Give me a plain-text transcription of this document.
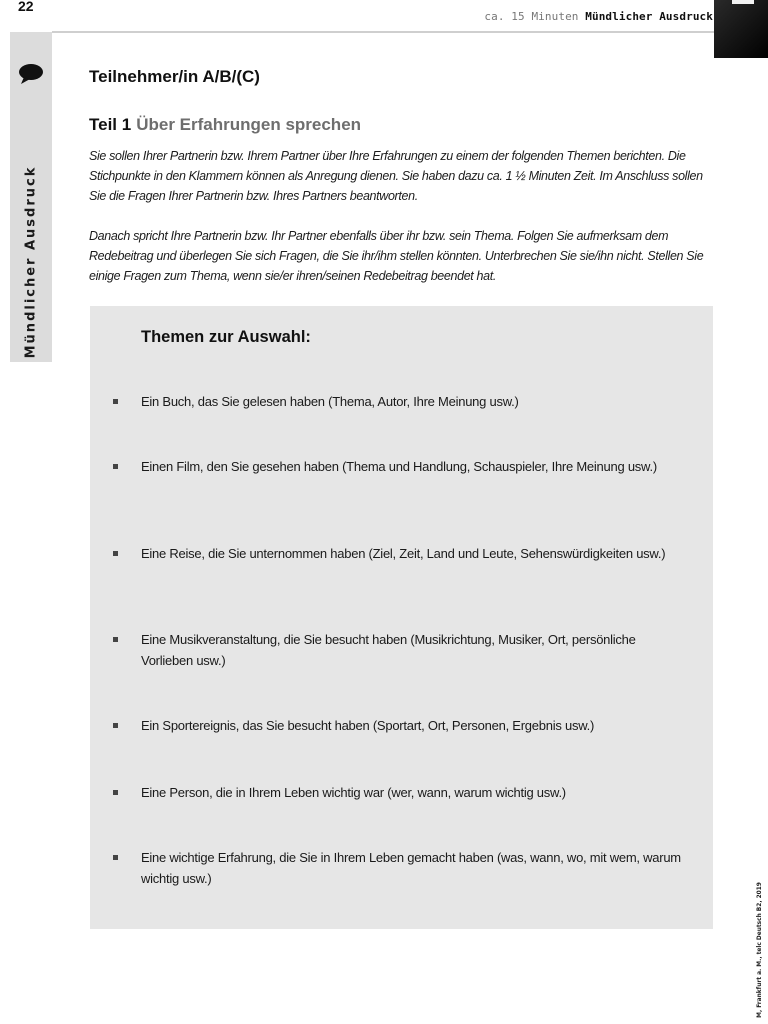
22
ca. 15 Minuten Mündlicher Ausdruck
Mündlicher Ausdruck
Teilnehmer/in A/B/(C)
Teil 1 Über Erfahrungen sprechen

Sie sollen Ihrer Partnerin bzw. Ihrem Partner über Ihre Erfahrungen zu einem der folgenden Themen berichten. Die Stichpunkte in den Klammern können als Anregung dienen. Sie haben dazu ca. 1 ½ Minuten Zeit. Im Anschluss sollen Sie die Fragen Ihrer Partnerin bzw. Ihres Partners beantworten.

Danach spricht Ihre Partnerin bzw. Ihr Partner ebenfalls über ihr bzw. sein Thema. Folgen Sie aufmerksam dem Redebeitrag und überlegen Sie sich Fragen, die Sie ihr/ihm stellen könnten. Unterbrechen Sie sie/ihn nicht. Stellen Sie einige Fragen zum Thema, wenn sie/er ihren/seinen Redebeitrag beendet hat.

Themen zur Auswahl:
Ein Buch, das Sie gelesen haben (Thema, Autor, Ihre Meinung usw.)
Einen Film, den Sie gesehen haben (Thema und Handlung, Schauspieler, Ihre Meinung usw.)
Eine Reise, die Sie unternommen haben (Ziel, Zeit, Land und Leute, Sehenswürdigkeiten usw.)
Eine Musikveranstaltung, die Sie besucht haben (Musikrichtung, Musiker, Ort, persönliche Vorlieben usw.)
Ein Sportereignis, das Sie besucht haben (Sportart, Ort, Personen, Ergebnis usw.)
Eine Person, die in Ihrem Leben wichtig war (wer, wann, warum wichtig usw.)
Eine wichtige Erfahrung, die Sie in Ihrem Leben gemacht haben (was, wann, wo, mit wem, warum wichtig usw.)
M, Frankfurt a. M., telc Deutsch B2, 2019
